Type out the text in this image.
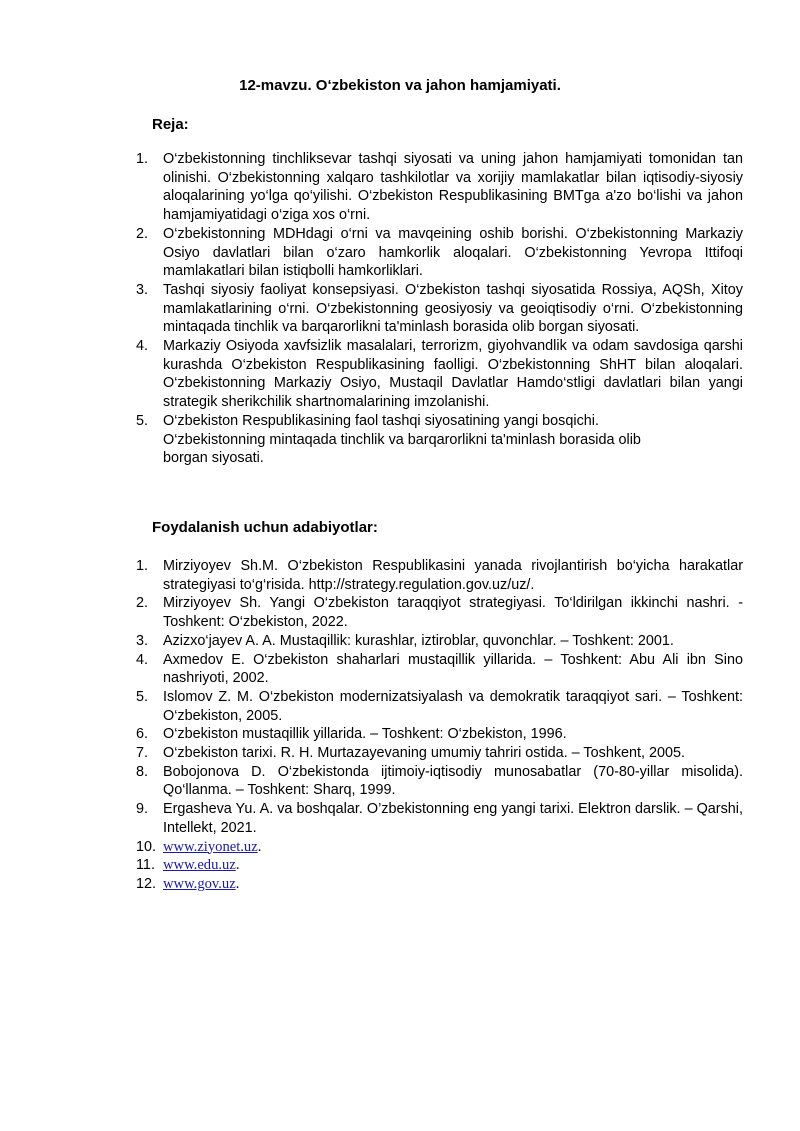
12-mavzu. O‘zbekiston va jahon hamjamiyati.
Reja:
1. O‘zbekistonning tinchliksevar tashqi siyosati va uning jahon hamjamiyati tomonidan tan olinishi. O‘zbekistonning xalqaro tashkilotlar va xorijiy mamlakatlar bilan iqtisodiy-siyosiy aloqalarining yo‘lga qo‘yilishi. O‘zbekiston Respublikasining BMTga a'zo bo‘lishi va jahon hamjamiyatidagi o‘ziga xos o‘rni.
2. O‘zbekistonning MDHdagi o‘rni va mavqeining oshib borishi. O‘zbekistonning Markaziy Osiyo davlatlari bilan o‘zaro hamkorlik aloqalari. O‘zbekistonning Yevropa Ittifoqi mamlakatlari bilan istiqbolli hamkorliklari.
3. Tashqi siyosiy faoliyat konsepsiyasi. O‘zbekiston tashqi siyosatida Rossiya, AQSh, Xitoy mamlakatlarining o‘rni. O‘zbekistonning geosiyosiy va geoiqtisodiy o‘rni. O‘zbekistonning mintaqada tinchlik va barqarorlikni ta'minlash borasida olib borgan siyosati.
4. Markaziy Osiyoda xavfsizlik masalalari, terrorizm, giyohvandlik va odam savdosiga qarshi kurashda O‘zbekiston Respublikasining faolligi. O‘zbekistonning ShHT bilan aloqalari. O‘zbekistonning Markaziy Osiyo, Mustaqil Davlatlar Hamdo‘stligi davlatlari bilan yangi strategik sherikchilik shartnomalarining imzolanishi.
5. O‘zbekiston Respublikasining faol tashqi siyosatining yangi bosqichi.
O‘zbekistonning mintaqada tinchlik va barqarorlikni ta'minlash borasida olib
borgan siyosati.
Foydalanish uchun adabiyotlar:
1. Mirziyoyev Sh.M. O‘zbekiston Respublikasini yanada rivojlantirish bo‘yicha harakatlar strategiyasi to‘g‘risida. http://strategy.regulation.gov.uz/uz/.
2. Mirziyoyev Sh. Yangi O‘zbekiston taraqqiyot strategiyasi. To‘ldirilgan ikkinchi nashri. - Toshkent: O‘zbekiston, 2022.
3. Azizxo‘jayev A. A. Mustaqillik: kurashlar, iztiroblar, quvonchlar. – Toshkent: 2001.
4. Axmedov E. O‘zbekiston shaharlari mustaqillik yillarida. – Toshkent: Abu Ali ibn Sino nashriyoti, 2002.
5. Islomov Z. M. O‘zbekiston modernizatsiyalash va demokratik taraqqiyot sari. – Toshkent: O‘zbekiston, 2005.
6. O‘zbekiston mustaqillik yillarida. – Toshkent: O‘zbekiston, 1996.
7. O‘zbekiston tarixi. R. H. Murtazayevaning umumiy tahriri ostida. – Toshkent, 2005.
8. Bobojonova D. O‘zbekistonda ijtimoiy-iqtisodiy munosabatlar (70-80-yillar misolida). Qo‘llanma. – Toshkent: Sharq, 1999.
9. Ergasheva Yu. A. va boshqalar. O’zbekistonning eng yangi tarixi. Elektron darslik. – Qarshi, Intellekt, 2021.
10. www.ziyonet.uz.
11. www.edu.uz.
12. www.gov.uz.
